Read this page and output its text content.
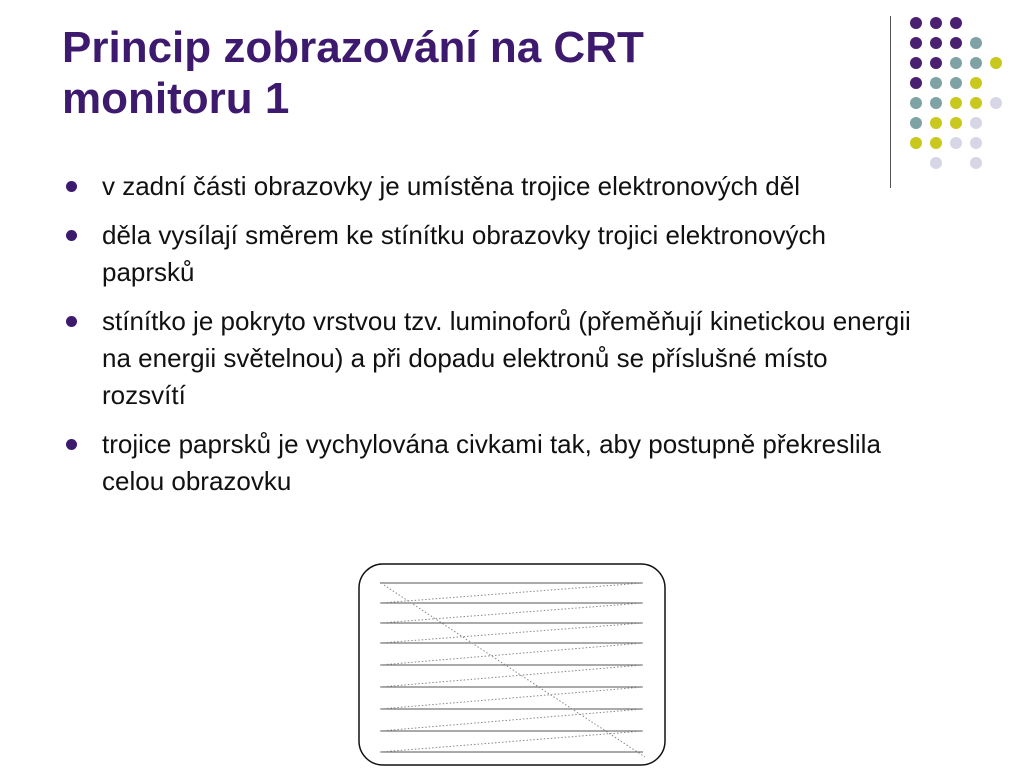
Princip zobrazování na CRT
monitoru 1
v zadní části obrazovky je umístěna trojice elektronových děl
děla vysílají směrem ke stínítku obrazovky trojici elektronových paprsků
stínítko je pokryto vrstvou tzv. luminoforů (přeměňují kinetickou energii na energii světelnou) a při dopadu elektronů se příslušné místo rozsvítí
trojice paprsků je vychylována civkami tak, aby postupně překreslila celou obrazovku
